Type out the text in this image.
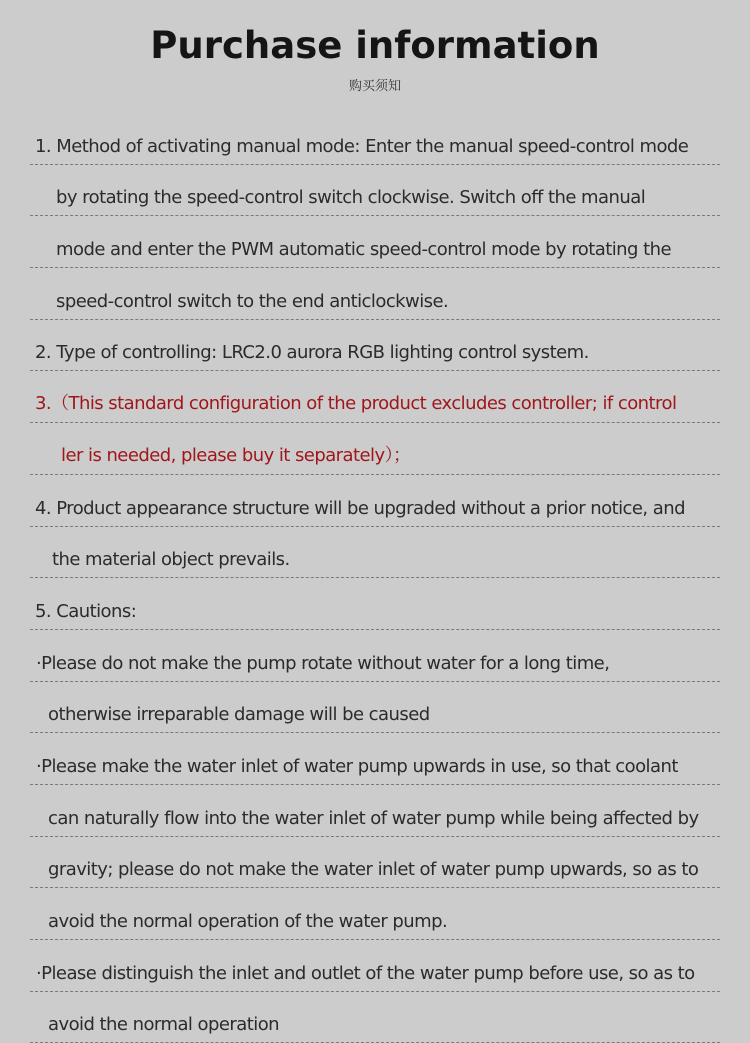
Purchase information
购买须知
1. Method of activating manual mode: Enter the manual speed-control mode
by rotating the speed-control switch clockwise. Switch off the manual
mode and enter the PWM automatic speed-control mode by rotating the
speed-control switch to the end anticlockwise.
2. Type of controlling: LRC2.0 aurora RGB lighting control system.
3.（This standard configuration of the product excludes controller; if control
ler is needed, please buy it separately）；
4. Product appearance structure will be upgraded without a prior notice, and
the material object prevails.
5. Cautions:
·Please do not make the pump rotate without water for a long time,
otherwise irreparable damage will be caused
·Please make the water inlet of water pump upwards in use, so that coolant
can naturally flow into the water inlet of water pump while being affected by
gravity; please do not make the water inlet of water pump upwards, so as to
avoid the normal operation of the water pump.
·Please distinguish the inlet and outlet of the water pump before use, so as to
avoid the normal operation
